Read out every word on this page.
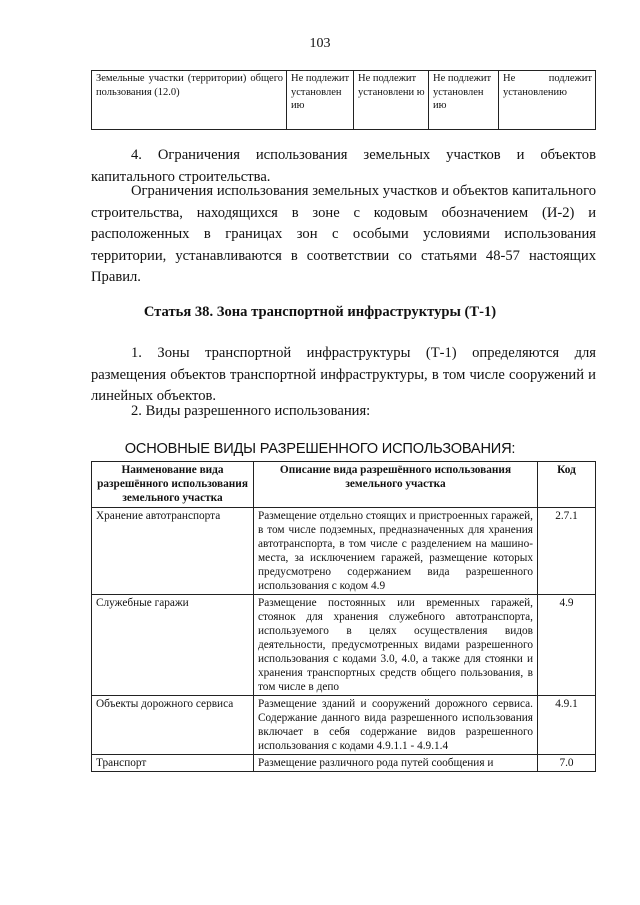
103
Земельные участки (территории) общего пользования (12.0)	Не подлежит установлен ию	Не подлежит установлени ю	Не подлежит установлен ию	Не подлежит установлению

4. Ограничения использования земельных участков и объектов капитального строительства.

Ограничения использования земельных участков и объектов капитального строительства, находящихся в зоне с кодовым обозначением (И-2) и расположенных в границах зон с особыми условиями использования территории, устанавливаются в соответствии со статьями 48-57 настоящих Правил.

Статья 38. Зона транспортной инфраструктуры (Т-1)

1. Зоны транспортной инфраструктуры (Т-1) определяются для размещения объектов транспортной инфраструктуры, в том числе сооружений и линейных объектов.

2. Виды разрешенного использования:

ОСНОВНЫЕ ВИДЫ РАЗРЕШЕННОГО ИСПОЛЬЗОВАНИЯ:
Наименование вида разрешённого использования земельного участка	Описание вида разрешённого использования земельного участка	Код
Хранение автотранспорта	Размещение отдельно стоящих и пристроенных гаражей, в том числе подземных, предназначенных для хранения автотранспорта, в том числе с разделением на машино-места, за исключением гаражей, размещение которых предусмотрено содержанием вида разрешенного использования с кодом 4.9	2.7.1
Служебные гаражи	Размещение постоянных или временных гаражей, стоянок для хранения служебного автотранспорта, используемого в целях осуществления видов деятельности, предусмотренных видами разрешенного использования с кодами 3.0, 4.0, а также для стоянки и хранения транспортных средств общего пользования, в том числе в депо	4.9
Объекты дорожного сервиса	Размещение зданий и сооружений дорожного сервиса. Содержание данного вида разрешенного использования включает в себя содержание видов разрешенного использования с кодами 4.9.1.1 - 4.9.1.4	4.9.1
Транспорт	Размещение различного рода путей сообщения и	7.0
